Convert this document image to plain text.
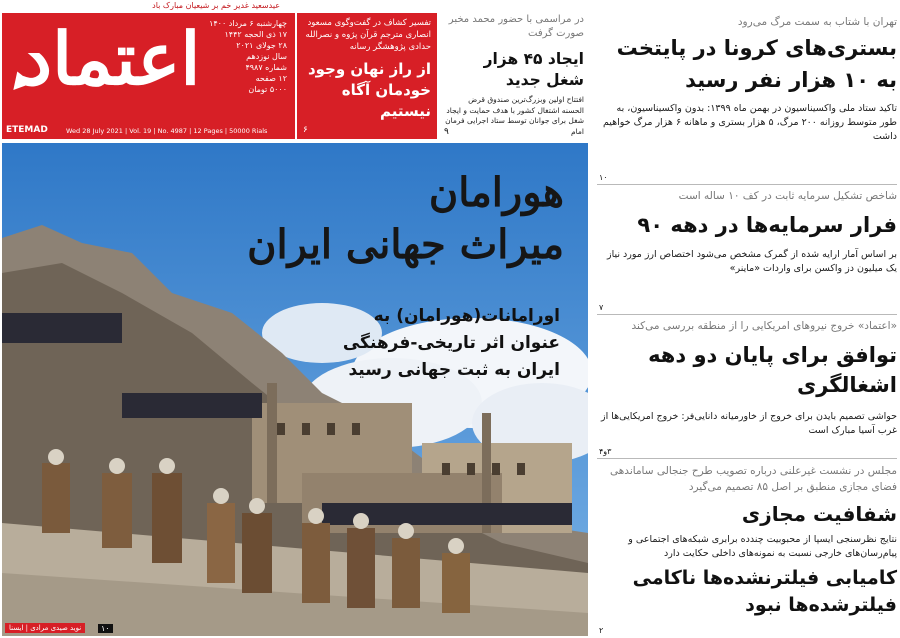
عیدسعید غدیر خم بر شیعیان مبارک باد
اعتماد چهارشنبه ۶ مرداد ۱۴۰۰
۱۷ ذی الحجه ۱۴۴۲
۲۸ جولای ۲۰۲۱
سال نوزدهم
شماره ۴۹۸۷
۱۲ صفحه
۵۰۰۰ تومان
ETEMAD	Wed 28 July 2021 | Vol. 19 | No. 4987 | 12 Pages | 50000 Rials
تفسیر کشاف در گفت‌وگوی مسعود انصاری مترجم قرآن پژوه و نصرالله حدادی پژوهشگر رسانه
از راز نهان وجود خودمان آگاه نیستیم
۶
در مراسمی با حضور محمد مخبر صورت گرفت
ایجاد ۴۵ هزار شغل جدید
افتتاح اولین وبزرگ‌ترین صندوق قرض الحسنه اشتغال کشور با هدف حمایت و ایجاد شغل برای جوانان توسط ستاد اجرایی فرمان امام
۹
هورامان
میراث جهانی ایران
اورامانات(هورامان) به عنوان اثر تاریخی-فرهنگی ایران به ثبت جهانی رسید
نوید صیدی مرادی | ایسنا	۱۰
تهران با شتاب به سمت مرگ می‌رود
بستری‌های کرونا در پایتخت به ۱۰ هزار نفر رسید
تاکید ستاد ملی واکسیناسیون در بهمن ماه ۱۳۹۹: بدون واکسیناسیون، به طور متوسط روزانه ۲۰۰ مرگ، ۵ هزار بستری و ماهانه ۶ هزار مرگ خواهیم داشت
۱۰
شاخص تشکیل سرمایه ثابت در کف ۱۰ ساله است
فرار سرمایه‌ها در دهه ۹۰
بر اساس آمار ارایه شده از گمرک مشخص می‌شود اختصاص ارز مورد نیاز یک میلیون دز واکسن برای واردات «ماینر»
۷
«اعتماد» خروج نیروهای امریکایی را از منطقه بررسی می‌کند
توافق برای پایان دو دهه اشغالگری
حواشی تصمیم بایدن برای خروج از خاورمیانه دانایی‌فر: خروج امریکایی‌ها از غرب آسیا مبارک است
۳و۴
مجلس در نشست غیرعلنی درباره تصویب طرح جنجالی ساماندهی فضای مجازی منطبق بر اصل ۸۵ تصمیم می‌گیرد
شفافیت مجازی
نتایج نظرسنجی ایسپا از محبوبیت چندده برابری شبکه‌های اجتماعی و پیام‌رسان‌های خارجی نسبت به نمونه‌های داخلی حکایت دارد
کامیابی فیلترنشده‌ها ناکامی فیلترشده‌ها نبود
۲
